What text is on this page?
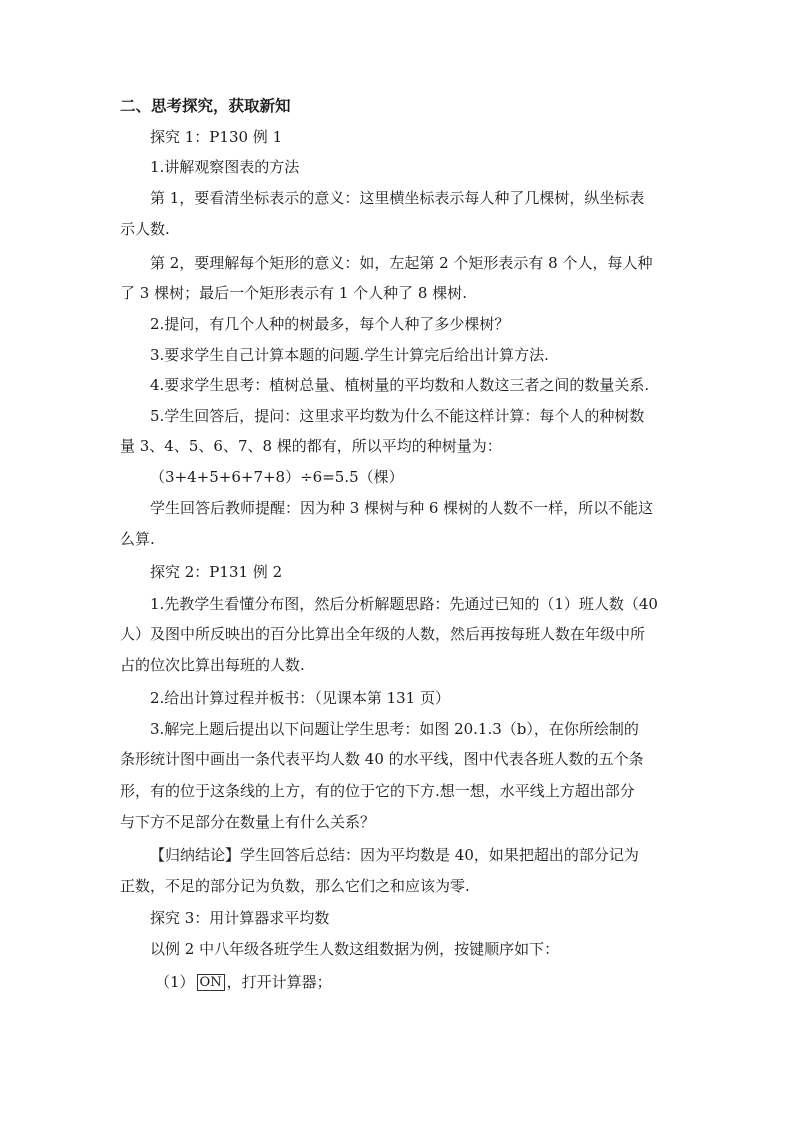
二、思考探究，获取新知
探究 1：P130 例 1
1.讲解观察图表的方法
第 1，要看清坐标表示的意义：这里横坐标表示每人种了几棵树，纵坐标表
示人数.
第 2，要理解每个矩形的意义：如，左起第 2 个矩形表示有 8 个人，每人种
了 3 棵树；最后一个矩形表示有 1 个人种了 8 棵树.
2.提问，有几个人种的树最多，每个人种了多少棵树？
3.要求学生自己计算本题的问题.学生计算完后给出计算方法.
4.要求学生思考：植树总量、植树量的平均数和人数这三者之间的数量关系.
5.学生回答后，提问：这里求平均数为什么不能这样计算：每个人的种树数
量 3、4、5、6、7、8 棵的都有，所以平均的种树量为：
（3+4+5+6+7+8）÷6=5.5（棵）
学生回答后教师提醒：因为种 3 棵树与种 6 棵树的人数不一样，所以不能这
么算.
探究 2：P131 例 2
1.先教学生看懂分布图，然后分析解题思路：先通过已知的（1）班人数（40
人）及图中所反映出的百分比算出全年级的人数，然后再按每班人数在年级中所
占的位次比算出每班的人数.
2.给出计算过程并板书：（见课本第 131 页）
3.解完上题后提出以下问题让学生思考：如图 20.1.3（b），在你所绘制的
条形统计图中画出一条代表平均人数 40 的水平线，图中代表各班人数的五个条
形，有的位于这条线的上方，有的位于它的下方.想一想，水平线上方超出部分
与下方不足部分在数量上有什么关系？
【归纳结论】学生回答后总结：因为平均数是 40，如果把超出的部分记为
正数，不足的部分记为负数，那么它们之和应该为零.
探究 3：用计算器求平均数
以例 2 中八年级各班学生人数这组数据为例，按键顺序如下：
（1） ON ，打开计算器；
